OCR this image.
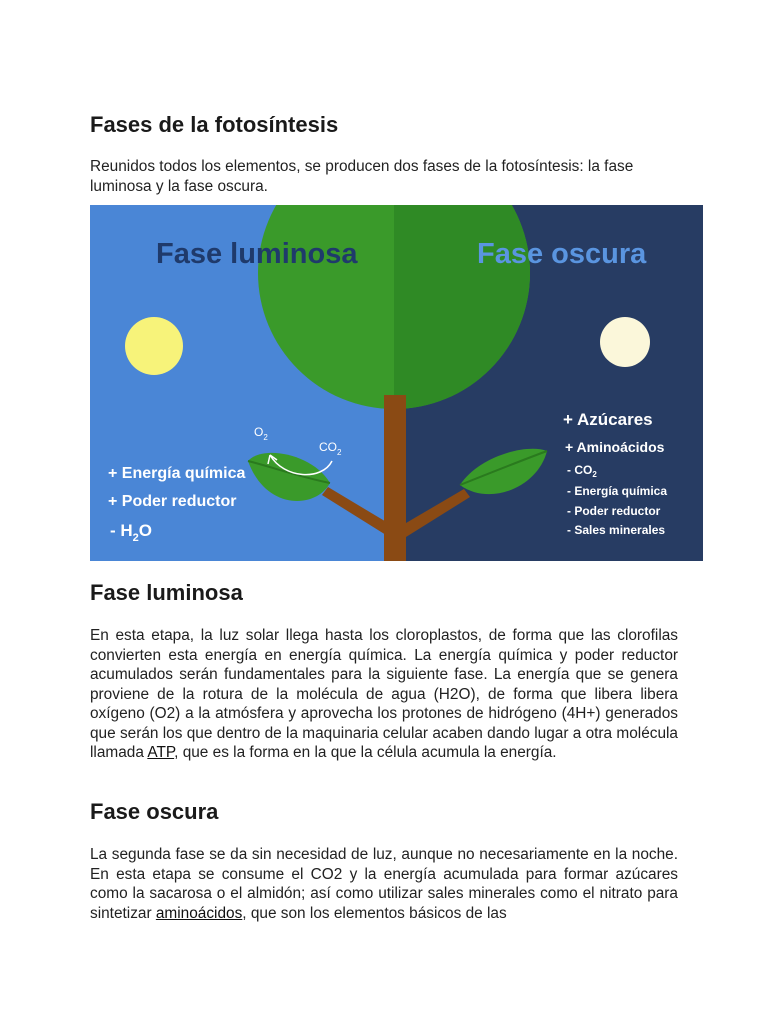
Fases de la fotosíntesis

Reunidos todos los elementos, se producen dos fases de la fotosíntesis: la fase luminosa y la fase oscura.

Fase luminosa	Fase oscura
$O_2$
$CO_2$
+ Energía química
+ Poder reductor
- $H_2O$
+ Azúcares
+ Aminoácidos
- $CO_2$
- Energía química
- Poder reductor
- Sales minerales
Fase luminosa

En esta etapa, la luz solar llega hasta los cloroplastos, de forma que las clorofilas convierten esta energía en energía química. La energía química y poder reductor acumulados serán fundamentales para la siguiente fase. La energía que se genera proviene de la rotura de la molécula de agua (H2O), de forma que libera libera oxígeno (O2) a la atmósfera y aprovecha los protones de hidrógeno (4H+) generados que serán los que dentro de la maquinaria celular acaben dando lugar a otra molécula llamada ATP, que es la forma en la que la célula acumula la energía.

Fase oscura

La segunda fase se da sin necesidad de luz, aunque no necesariamente en la noche. En esta etapa se consume el CO2 y la energía acumulada para formar azúcares como la sacarosa o el almidón; así como utilizar sales minerales como el nitrato para sintetizar aminoácidos, que son los elementos básicos de las
